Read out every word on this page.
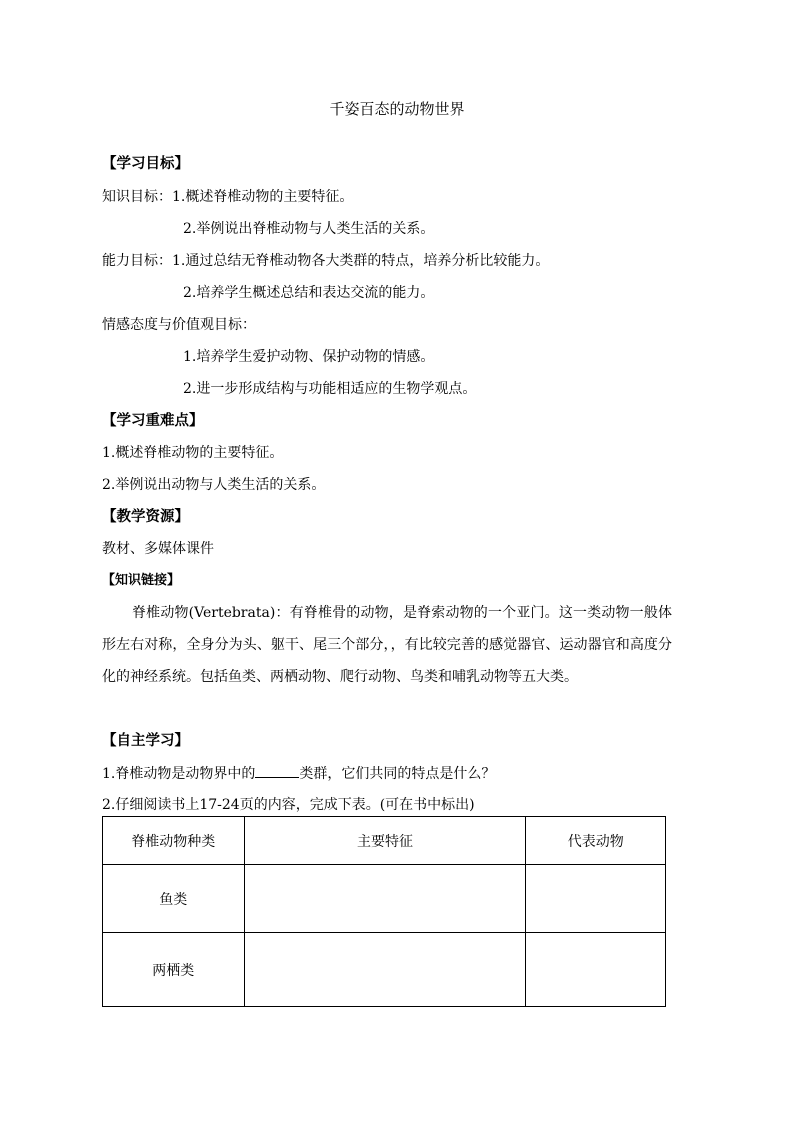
千姿百态的动物世界
【学习目标】
知识目标：1.概述脊椎动物的主要特征。
2.举例说出脊椎动物与人类生活的关系。
能力目标：1.通过总结无脊椎动物各大类群的特点，培养分析比较能力。
2.培养学生概述总结和表达交流的能力。
情感态度与价值观目标：
1.培养学生爱护动物、保护动物的情感。
2.进一步形成结构与功能相适应的生物学观点。
【学习重难点】
1.概述脊椎动物的主要特征。
2.举例说出动物与人类生活的关系。
【教学资源】
教材、多媒体课件
【知识链接】
脊椎动物(Vertebrata)：有脊椎骨的动物，是脊索动物的一个亚门。这一类动物一般体形左右对称，全身分为头、躯干、尾三个部分，，有比较完善的感觉器官、运动器官和高度分化的神经系统。包括鱼类、两栖动物、爬行动物、鸟类和哺乳动物等五大类。
【自主学习】
1.脊椎动物是动物界中的	类群，它们共同的特点是什么？
2.仔细阅读书上17-24页的内容，完成下表。(可在书中标出)
脊椎动物种类	主要特征	代表动物
鱼类		
两栖类		
